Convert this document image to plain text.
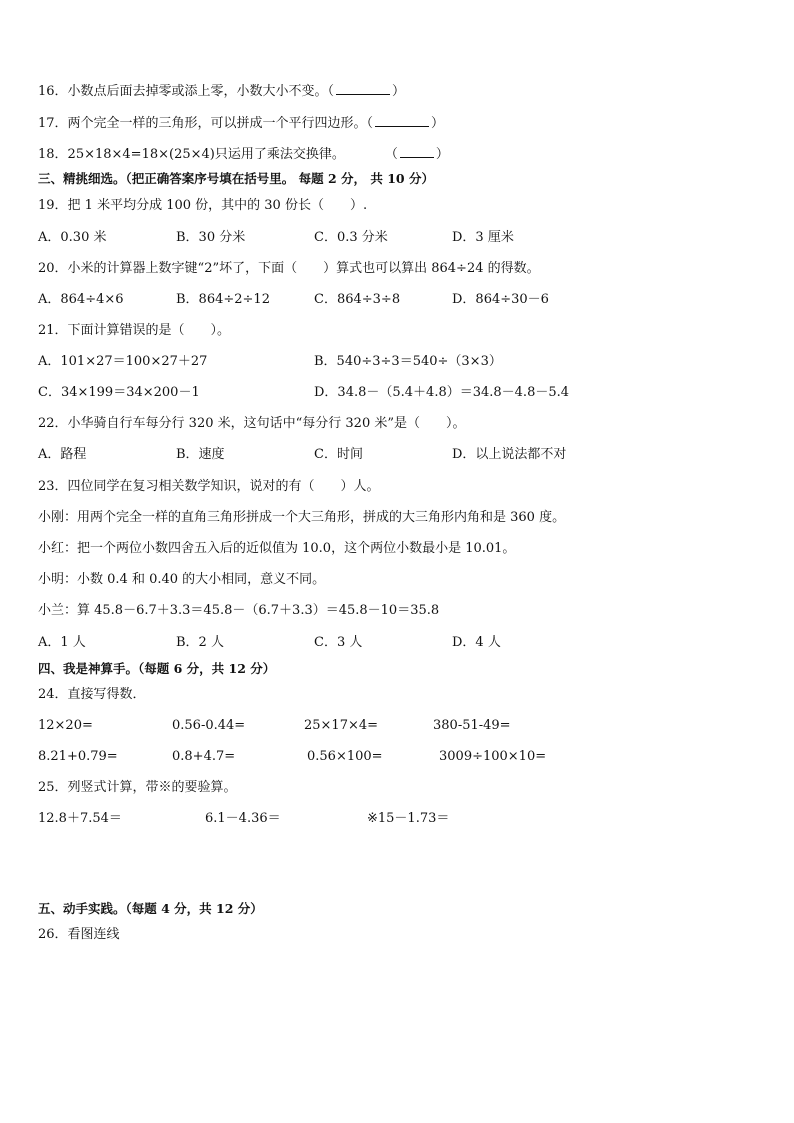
16．小数点后面去掉零或添上零，小数大小不变。（	）
17．两个完全一样的三角形，可以拼成一个平行四边形。（	）
18．25×18×4=18×(25×4)只运用了乘法交换律。	（	）
三、精挑细选。（把正确答案序号填在括号里。 每题 2 分， 共 10 分）
19．把 1 米平均分成 100 份，其中的 30 份长（　　）.
A．0.30 米	B．30 分米	C．0.3 分米	D．3 厘米
20．小米的计算器上数字键“2”坏了，下面（　　）算式也可以算出 864÷24 的得数。
A．864÷4×6	B．864÷2÷12	C．864÷3÷8	D．864÷30－6
21．下面计算错误的是（　　）。
A．101×27＝100×27＋27	B．540÷3÷3＝540÷（3×3）
C．34×199＝34×200－1	D．34.8－（5.4＋4.8）＝34.8－4.8－5.4
22．小华骑自行车每分行 320 米，这句话中“每分行 320 米”是（　　）。
A．路程	B．速度	C．时间	D．以上说法都不对
23．四位同学在复习相关数学知识，说对的有（　　）人。
小刚：用两个完全一样的直角三角形拼成一个大三角形，拼成的大三角形内角和是 360 度。
小红：把一个两位小数四舍五入后的近似值为 10.0，这个两位小数最小是 10.01。
小明：小数 0.4 和 0.40 的大小相同，意义不同。
小兰：算 45.8－6.7＋3.3＝45.8－（6.7＋3.3）＝45.8－10＝35.8
A．1 人	B．2 人	C．3 人	D．4 人
四、我是神算手。（每题 6 分，共 12 分）
24．直接写得数．
12×20=	0.56-0.44=	25×17×4=	380-51-49=
8.21+0.79=	0.8+4.7=	0.56×100=	3009÷100×10=
25．列竖式计算，带※的要验算。
12.8＋7.54＝	6.1－4.36＝	※15－1.73＝
五、动手实践。（每题 4 分，共 12 分）
26．看图连线
